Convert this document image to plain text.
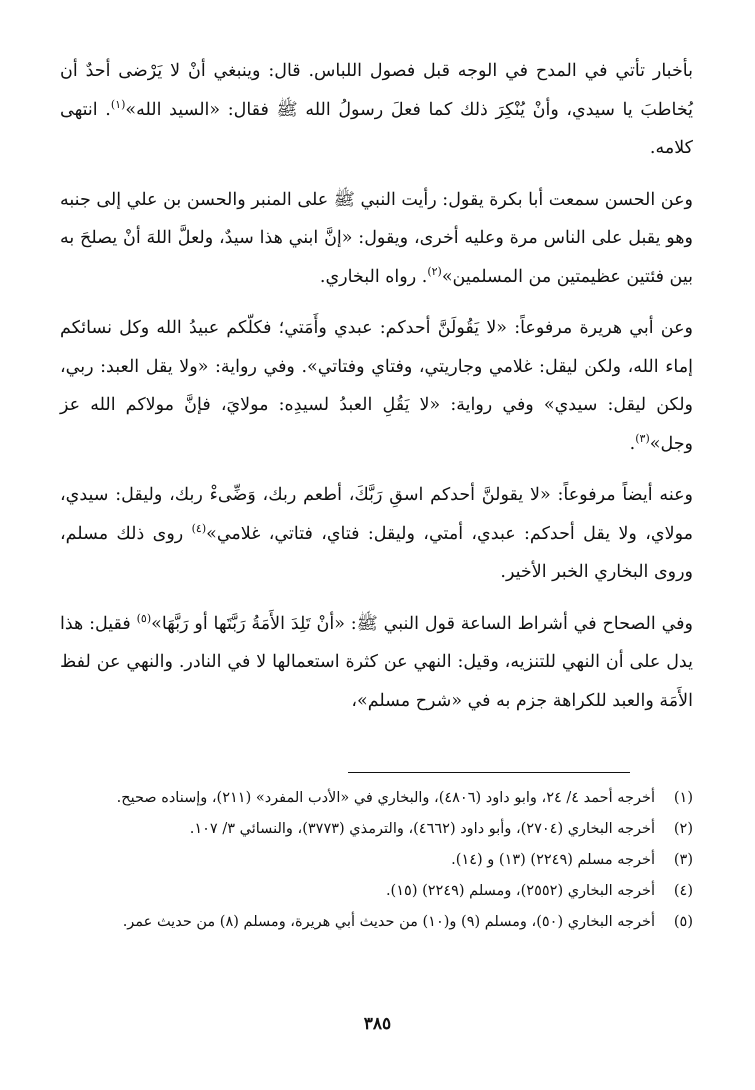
بأخبار تأتي في المدح في الوجه قبل فصول اللباس. قال: وينبغي أنْ لا يَرْضى أحدٌ أن يُخاطبَ يا سيدي، وأنْ يُنْكِرَ ذلك كما فعلَ رسولُ الله ﷺ فقال: «السيد الله»$^{(١)}$. انتهى كلامه.

وعن الحسن سمعت أبا بكرة يقول: رأيت النبي ﷺ على المنبر والحسن بن علي إلى جنبه وهو يقبل على الناس مرة وعليه أخرى، ويقول: «إنَّ ابني هذا سيدٌ، ولعلَّ اللهَ أنْ يصلحَ به بين فئتين عظيمتين من المسلمين»$^{(٢)}$. رواه البخاري.

وعن أبي هريرة مرفوعاً: «لا يَقُولَنَّ أحدكم: عبدي وأَمَتي؛ فكلّكم عبيدُ الله وكل نسائكم إماء الله، ولكن ليقل: غلامي وجاريتي، وفتاي وفتاتي». وفي رواية: «ولا يقل العبد: ربي، ولكن ليقل: سيدي» وفي رواية: «لا يَقُلِ العبدُ لسيدِه: مولايَ، فإنَّ مولاكم الله عز وجل»$^{(٣)}$.

وعنه أيضاً مرفوعاً: «لا يقولنَّ أحدكم اسقِ رَبَّكَ، أطعم ربك، وَضِّىءْ ربك، وليقل: سيدي، مولاي، ولا يقل أحدكم: عبدي، أمتي، وليقل: فتاي، فتاتي، غلامي»$^{(٤)}$ روى ذلك مسلم، وروى البخاري الخبر الأخير.

وفي الصحاح في أشراط الساعة قول النبي ﷺ: «أنْ تَلِدَ الأَمَةُ رَبَّتَها أو رَبَّهَا»$^{(٥)}$ فقيل: هذا يدل على أن النهي للتنزيه، وقيل: النهي عن كثرة استعمالها لا في النادر. والنهي عن لفظ الأَمَة والعبد للكراهة جزم به في «شرح مسلم»،

(١)
أخرجه أحمد ٤/ ٢٤، وابو داود (٤٨٠٦)، والبخاري في «الأدب المفرد» (٢١١)، وإسناده صحيح.
(٢)
أخرجه البخاري (٢٧٠٤)، وأبو داود (٤٦٦٢)، والترمذي (٣٧٧٣)، والنسائي ٣/ ١٠٧.
(٣)
أخرجه مسلم (٢٢٤٩) (١٣) و (١٤).
(٤)
أخرجه البخاري (٢٥٥٢)، ومسلم (٢٢٤٩) (١٥).
(٥)
أخرجه البخاري (٥٠)، ومسلم (٩) و(١٠) من حديث أبي هريرة، ومسلم (٨) من حديث عمر.
٣٨٥
